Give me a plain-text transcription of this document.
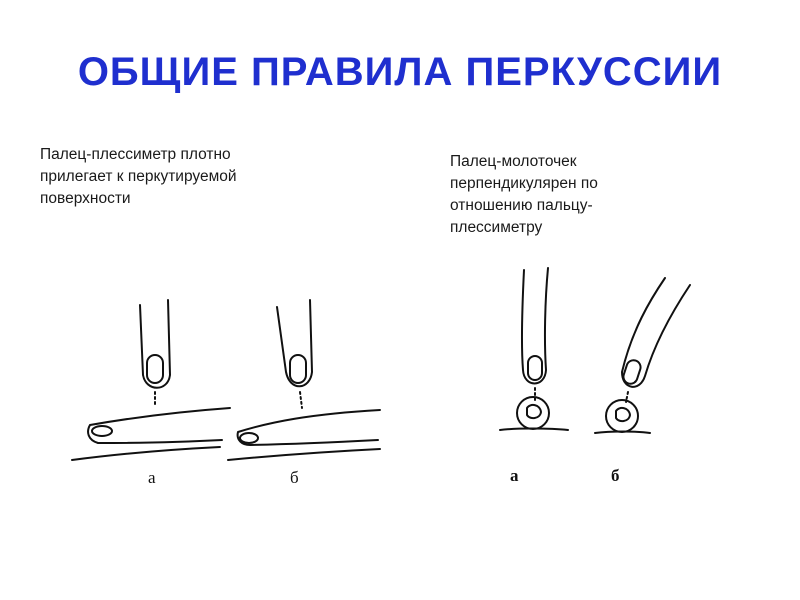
ОБЩИЕ ПРАВИЛА ПЕРКУССИИ

Палец-плессиметр плотно
прилегает к перкутируемой
поверхности

Палец-молоточек
перпендикулярен по
отношению пальцу-
плессиметру

а	б	а	б
